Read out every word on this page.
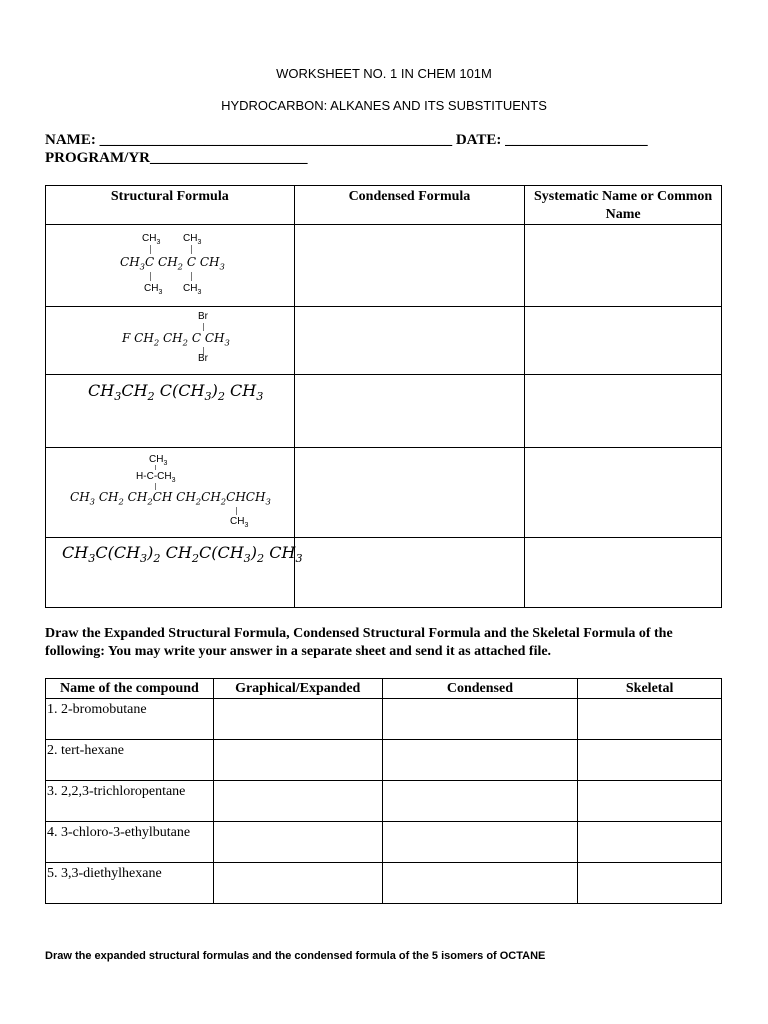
WORKSHEET NO. 1 IN CHEM 101M
HYDROCARBON: ALKANES AND ITS SUBSTITUENTS
NAME: _______________________________________________ DATE: ___________________
PROGRAM/YR_____________________
Structural Formula	Condensed Formula	Systematic Name or Common Name

$CH_3$ $CH_3$
$CH_3C$ $CH_2$ C $CH_3$
$CH_3$ $CH_3$

Br
F $CH_2$ $CH_2$ C $CH_3$
Br		

$CH_3CH_2$ $C(CH_3)_2$ $CH_3$

$CH_3$
$H-C-CH_3$
$CH_3$ $CH_2$ $CH_2CH$ $CH_2CH_2CHCH_3$
$CH_3$

$CH_3C(CH_3)_2$ $CH_2C(CH_3)_2$ $CH_3$

Draw the Expanded Structural Formula, Condensed Structural Formula and the Skeletal Formula of the
following: You may write your answer in a separate sheet and send it as attached file.
Name of the compound	Graphical/Expanded	Condensed	Skeletal
1. 2-bromobutane			
2. tert-hexane			
3. 2,2,3-trichloropentane			
4. 3-chloro-3-ethylbutane			
5. 3,3-diethylhexane			
Draw the expanded structural formulas and the condensed formula of the 5 isomers of OCTANE
